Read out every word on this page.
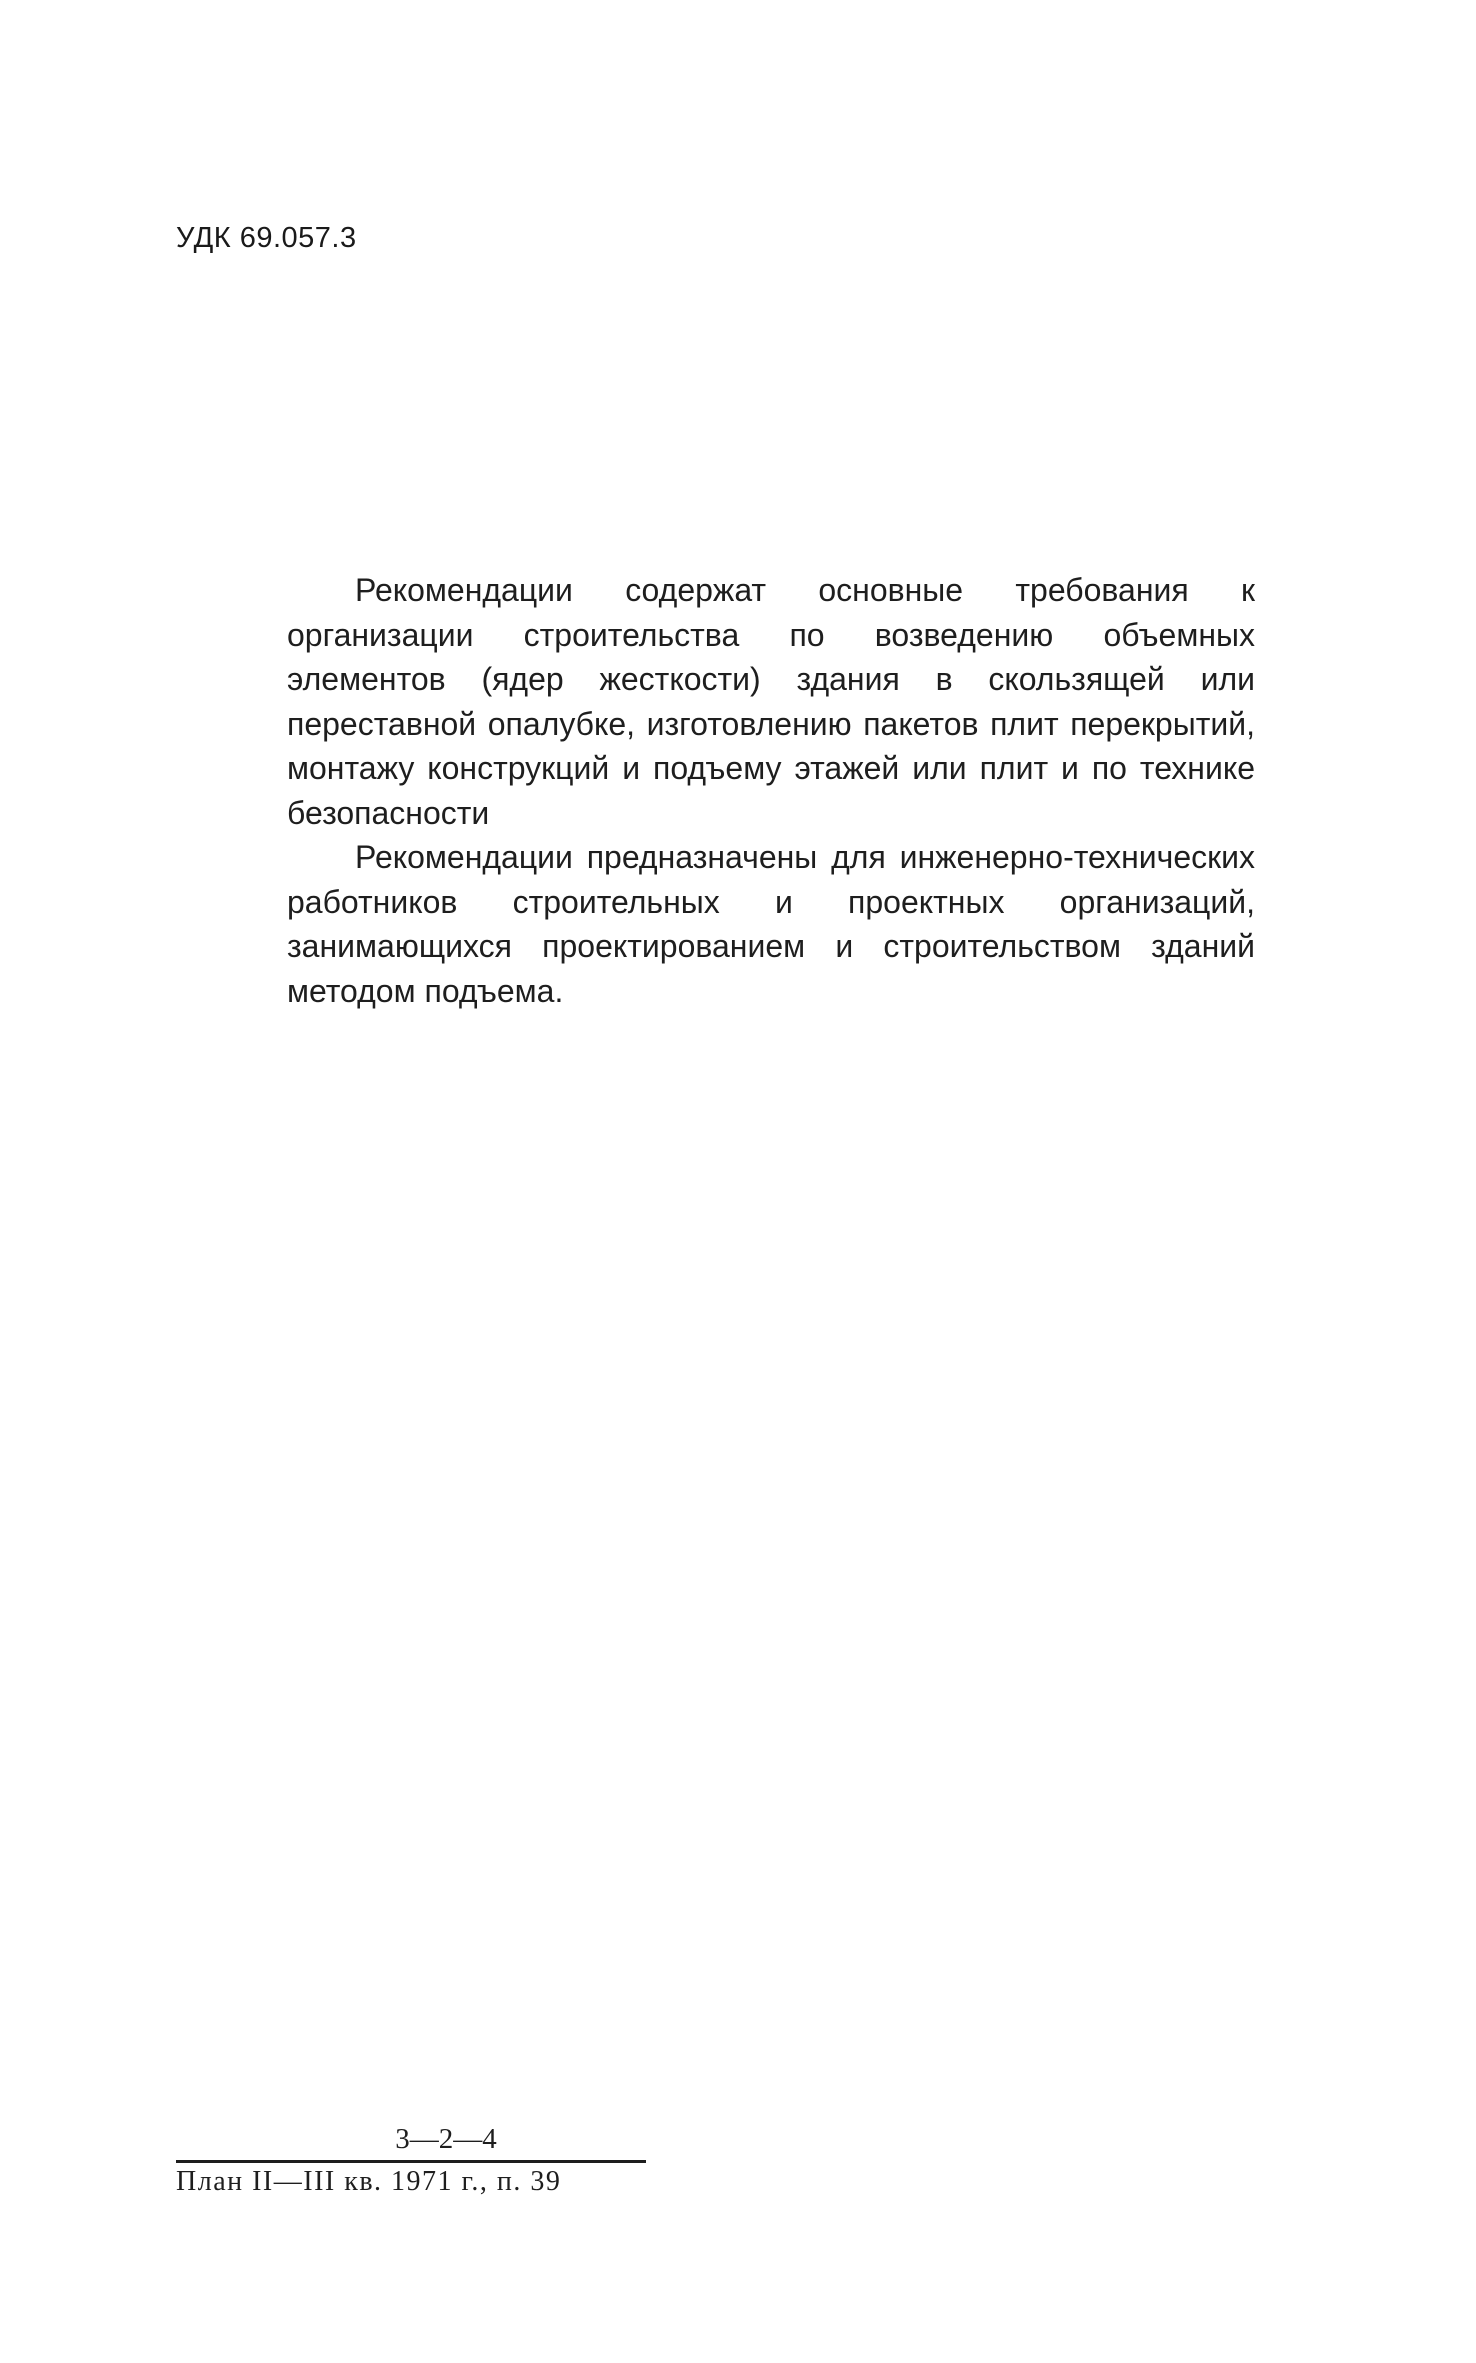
УДК 69.057.3

Рекомендации содержат основные требования к организации строительства по возведению объемных элементов (ядер жесткости) здания в скользящей или переставной опалубке, изготовлению пакетов плит перекрытий, монтажу конструкций и подъему этажей или плит и по технике безопасности

Рекомендации предназначены для инженерно-технических работников строительных и проектных организаций, занимающихся проектированием и строительством зданий методом подъема.

3—2—4
План II—III кв. 1971 г., п. 39
